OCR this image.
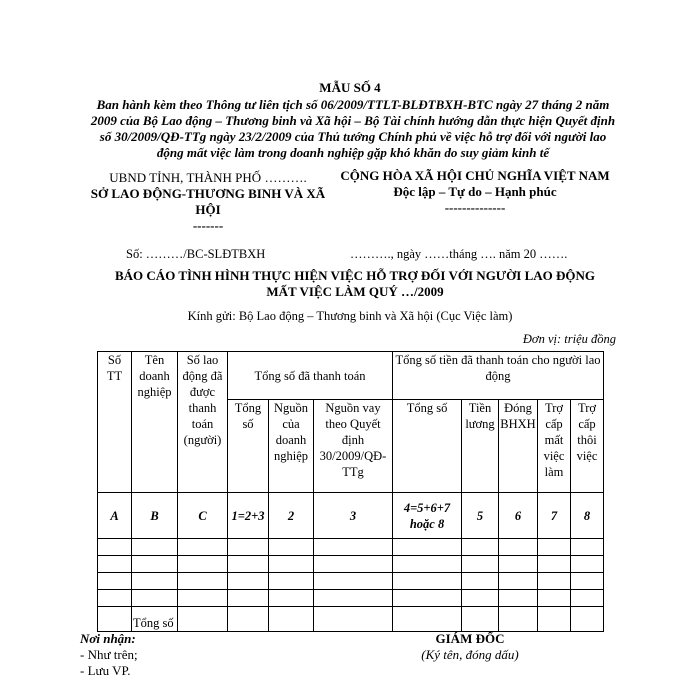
MẪU SỐ 4
Ban hành kèm theo Thông tư liên tịch số 06/2009/TTLT-BLĐTBXH-BTC ngày 27 tháng 2 năm 2009 của Bộ Lao động – Thương binh và Xã hội – Bộ Tài chính hướng dẫn thực hiện Quyết định số 30/2009/QĐ-TTg ngày 23/2/2009 của Thủ tướng Chính phủ về việc hỗ trợ đối với người lao động mất việc làm trong doanh nghiệp gặp khó khăn do suy giảm kinh tế
UBND TỈNH, THÀNH PHỐ ……….
SỞ LAO ĐỘNG-THƯƠNG BINH VÀ XÃ HỘI
-------
CỘNG HÒA XÃ HỘI CHỦ NGHĨA VIỆT NAM
Độc lập – Tự do – Hạnh phúc
--------------
Số: ………/BC-SLĐTBXH	………., ngày ……tháng …. năm 20 …….
BÁO CÁO TÌNH HÌNH THỰC HIỆN VIỆC HỖ TRỢ ĐỐI VỚI NGƯỜI LAO ĐỘNG MẤT VIỆC LÀM QUÝ …/2009
Kính gửi: Bộ Lao động – Thương binh và Xã hội (Cục Việc làm)
Đơn vị: triệu đồng
Số TT	Tên doanh nghiệp	Số lao động đã được thanh toán (người)	Tổng số đã thanh toán			Tổng số tiền đã thanh toán cho người lao động				
			Tổng số	Nguồn của doanh nghiệp	Nguồn vay theo Quyết định 30/2009/QĐ-TTg	Tổng số	Tiền lương	Đóng BHXH	Trợ cấp mất việc làm	Trợ cấp thôi việc
A	B	C	1=2+3	2	3	4=5+6+7 hoặc 8	5	6	7	8

	Tổng số									
Nơi nhận:
- Như trên;
- Lưu VP.
GIÁM ĐỐC
(Ký tên, đóng dấu)
